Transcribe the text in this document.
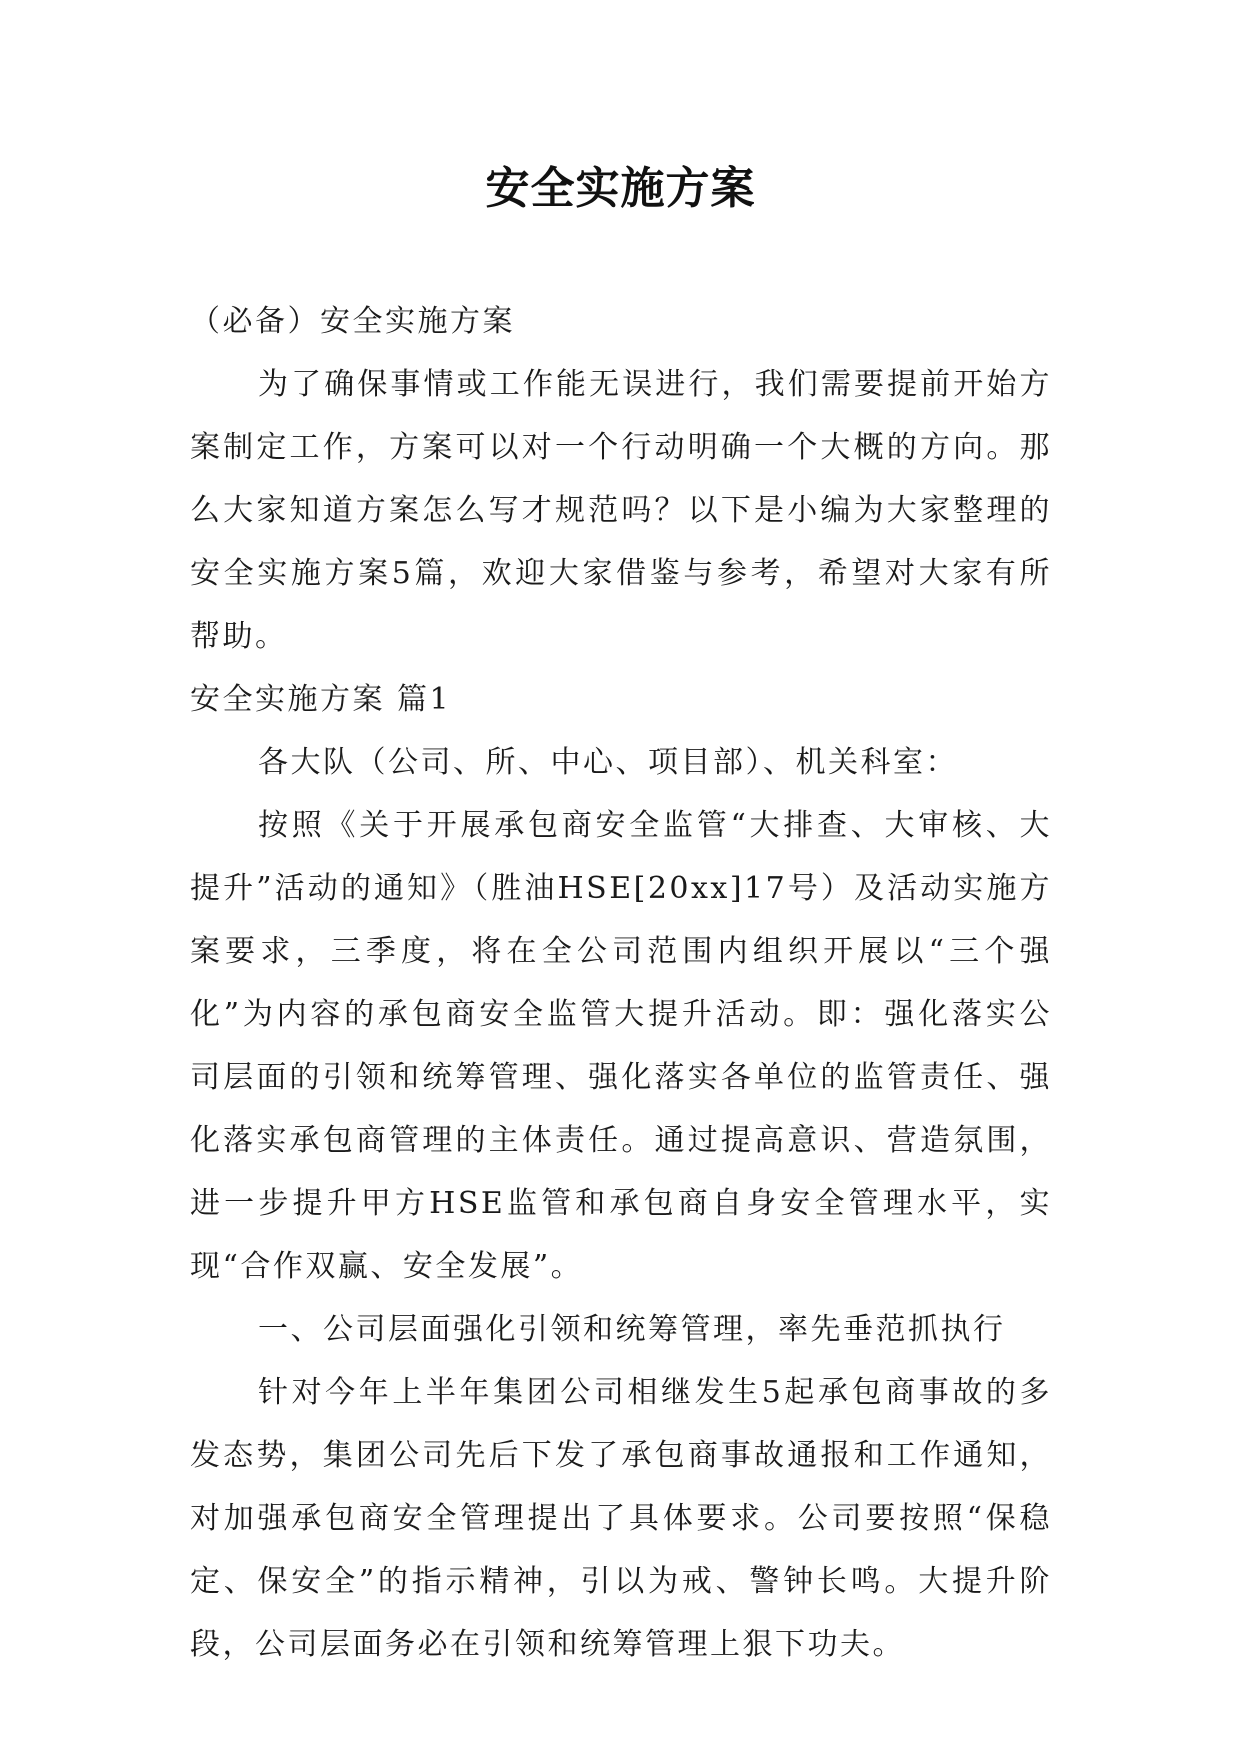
安全实施方案

（必备）安全实施方案

为了确保事情或工作能无误进行，我们需要提前开始方案制定工作，方案可以对一个行动明确一个大概的方向。那么大家知道方案怎么写才规范吗？以下是小编为大家整理的安全实施方案5篇，欢迎大家借鉴与参考，希望对大家有所帮助。

安全实施方案 篇1

各大队（公司、所、中心、项目部）、机关科室：

按照《关于开展承包商安全监管“大排查、大审核、大提升”活动的通知》（胜油HSE[20xx]17号）及活动实施方案要求，三季度，将在全公司范围内组织开展以“三个强化”为内容的承包商安全监管大提升活动。即：强化落实公司层面的引领和统筹管理、强化落实各单位的监管责任、强化落实承包商管理的主体责任。通过提高意识、营造氛围，进一步提升甲方HSE监管和承包商自身安全管理水平，实现“合作双赢、安全发展”。

一、公司层面强化引领和统筹管理，率先垂范抓执行

针对今年上半年集团公司相继发生5起承包商事故的多发态势，集团公司先后下发了承包商事故通报和工作通知，对加强承包商安全管理提出了具体要求。公司要按照“保稳定、保安全”的指示精神，引以为戒、警钟长鸣。大提升阶段，公司层面务必在引领和统筹管理上狠下功夫。
